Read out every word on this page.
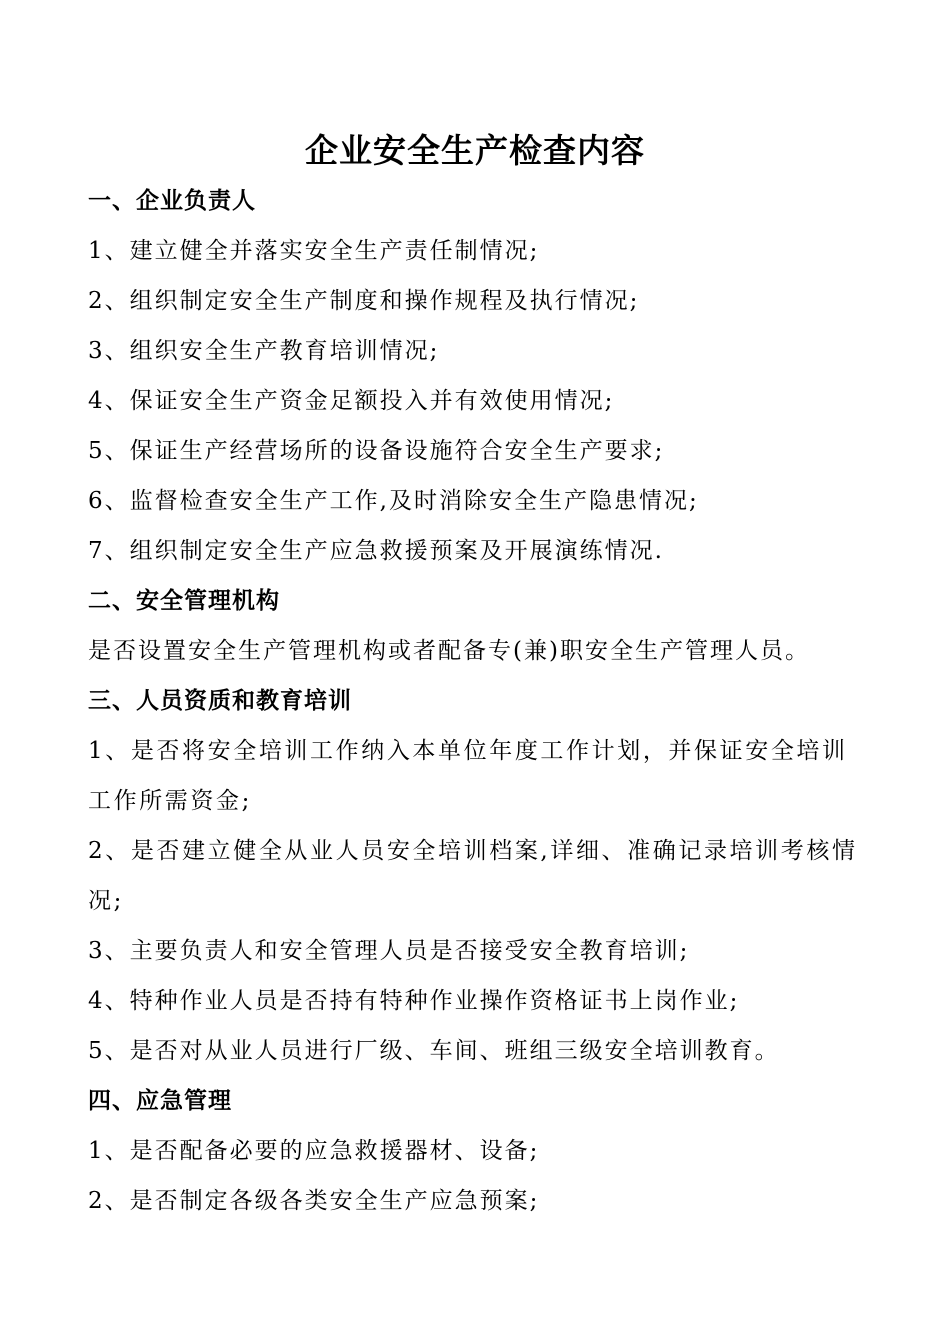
企业安全生产检查内容

一、企业负责人

1、建立健全并落实安全生产责任制情况;

2、组织制定安全生产制度和操作规程及执行情况;

3、组织安全生产教育培训情况;

4、保证安全生产资金足额投入并有效使用情况;

5、保证生产经营场所的设备设施符合安全生产要求;

6、监督检查安全生产工作,及时消除安全生产隐患情况;

7、组织制定安全生产应急救援预案及开展演练情况.

二、安全管理机构

是否设置安全生产管理机构或者配备专(兼)职安全生产管理人员。

三、人员资质和教育培训

1、是否将安全培训工作纳入本单位年度工作计划，并保证安全培训工作所需资金;

2、是否建立健全从业人员安全培训档案,详细、准确记录培训考核情况;

3、主要负责人和安全管理人员是否接受安全教育培训;

4、特种作业人员是否持有特种作业操作资格证书上岗作业;

5、是否对从业人员进行厂级、车间、班组三级安全培训教育。

四、应急管理

1、是否配备必要的应急救援器材、设备;

2、是否制定各级各类安全生产应急预案;
